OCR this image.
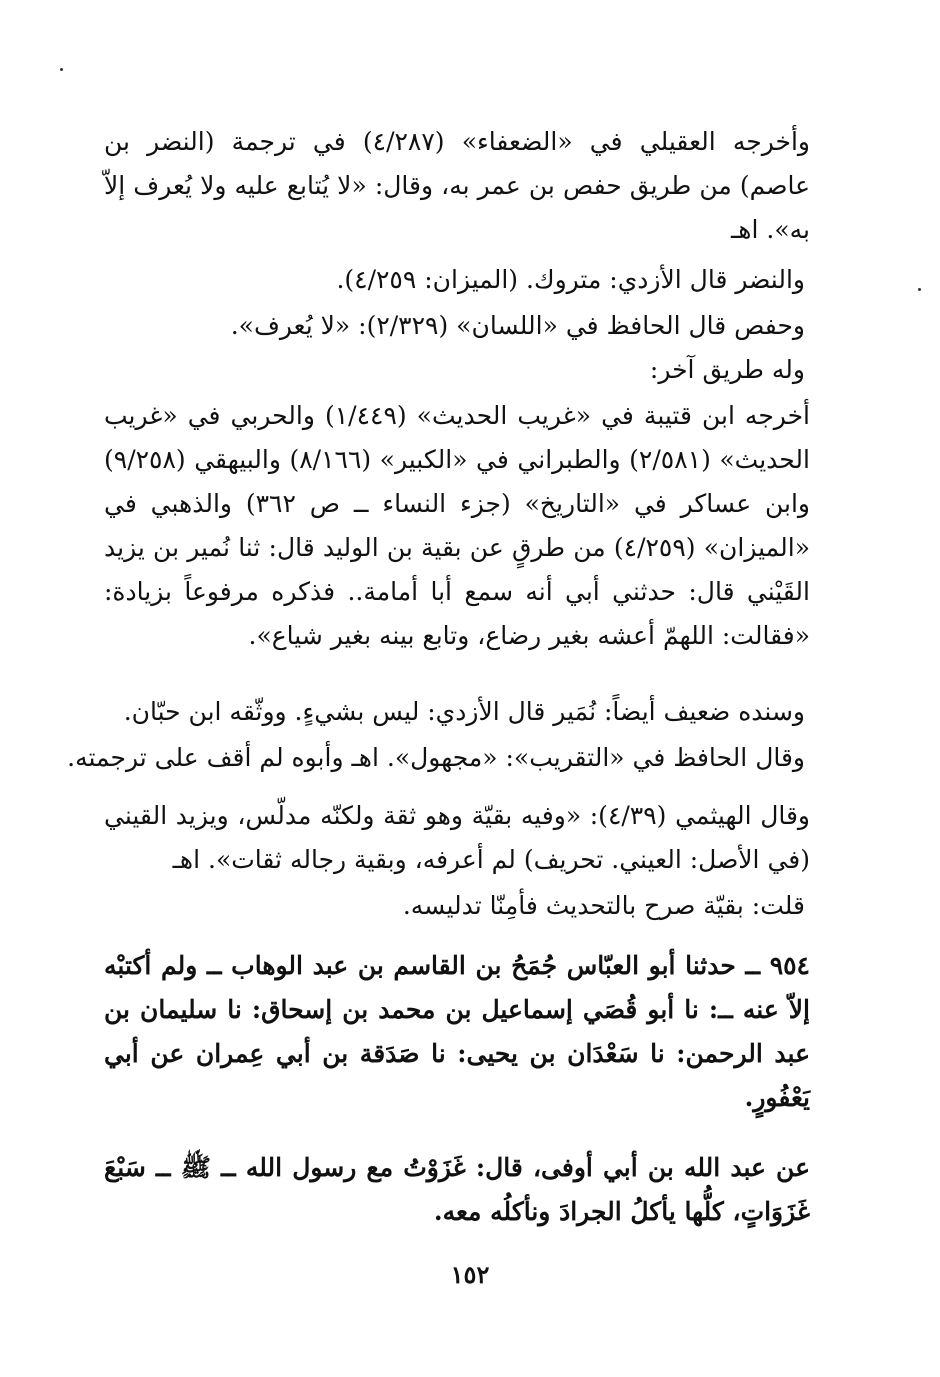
وأخرجه العقيلي في «الضعفاء» (٤/٢٨٧) في ترجمة (النضر بن عاصم) من طريق حفص بن عمر به، وقال: «لا يُتابع عليه ولا يُعرف إلاّ به». اهـ
والنضر قال الأزدي: متروك. (الميزان: ٤/٢٥٩).
وحفص قال الحافظ في «اللسان» (٢/٣٢٩): «لا يُعرف».
وله طريق آخر:
أخرجه ابن قتيبة في «غريب الحديث» (١/٤٤٩) والحربي في «غريب الحديث» (٢/٥٨١) والطبراني في «الكبير» (٨/١٦٦) والبيهقي (٩/٢٥٨) وابن عساكر في «التاريخ» (جزء النساء ــ ص ٣٦٢) والذهبي في «الميزان» (٤/٢٥٩) من طرقٍ عن بقية بن الوليد قال: ثنا نُمير بن يزيد القَيْني قال: حدثني أبي أنه سمع أبا أمامة.. فذكره مرفوعاً بزيادة: «فقالت: اللهمّ أعشه بغير رضاع، وتابع بينه بغير شياع».
وسنده ضعيف أيضاً: نُمَير قال الأزدي: ليس بشيءٍ. ووثّقه ابن حبّان.
وقال الحافظ في «التقريب»: «مجهول». اهـ وأبوه لم أقف على ترجمته.
وقال الهيثمي (٤/٣٩): «وفيه بقيّة وهو ثقة ولكنّه مدلّس، ويزيد القيني (في الأصل: العيني. تحريف) لم أعرفه، وبقية رجاله ثقات». اهـ
قلت: بقيّة صرح بالتحديث فأمِنّا تدليسه.
٩٥٤ ــ حدثنا أبو العبّاس جُمَحُ بن القاسم بن عبد الوهاب ــ ولم أكتبْه إلاّ عنه ــ: نا أبو قُصَي إسماعيل بن محمد بن إسحاق: نا سليمان بن عبد الرحمن: نا سَعْدَان بن يحيى: نا صَدَقة بن أبي عِمران عن أبي يَعْفُورٍ.
عن عبد الله بن أبي أوفى، قال: غَزَوْتُ مع رسول الله ــ ﷺ ــ سَبْعَ غَزَوَاتٍ، كلُّها يأكلُ الجرادَ ونأكلُه معه.
١٥٢
